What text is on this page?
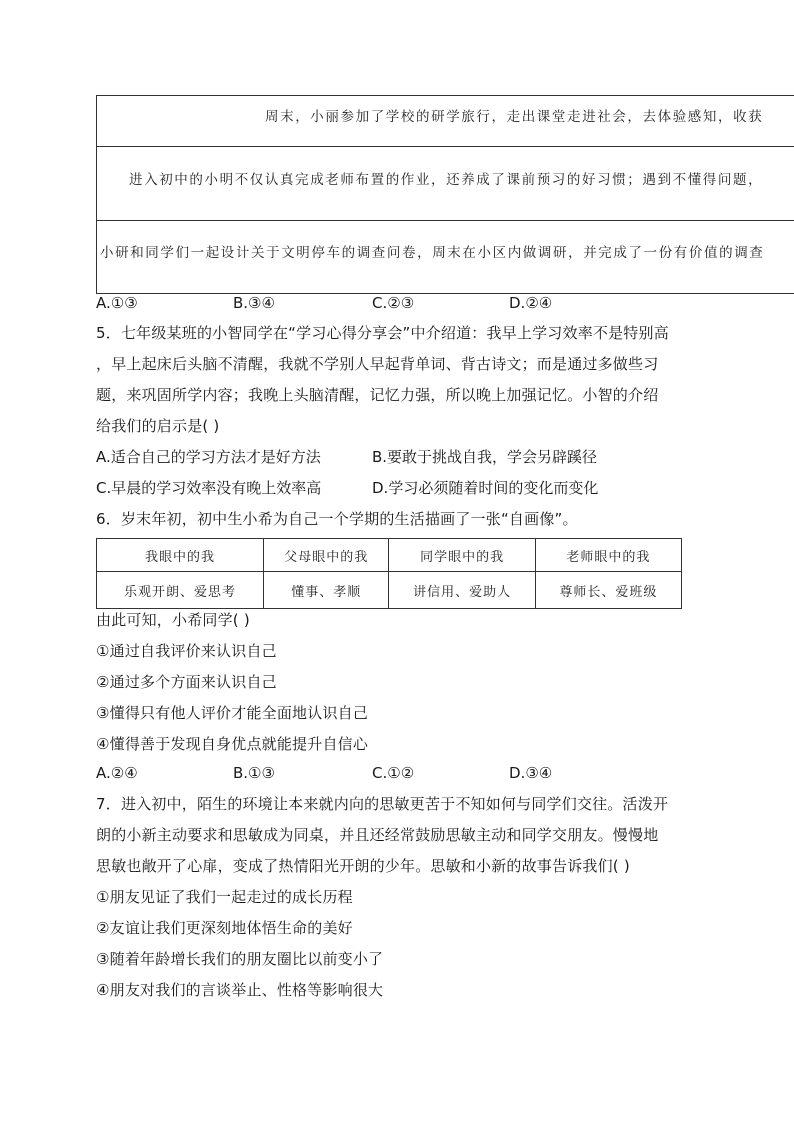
周末，小丽参加了学校的研学旅行，走出课堂走进社会，去体验感知，收获
进入初中的小明不仅认真完成老师布置的作业，还养成了课前预习的好习惯；遇到不懂得问题，
小研和同学们一起设计关于文明停车的调查问卷，周末在小区内做调研，并完成了一份有价值的调查
A.①③	B.③④	C.②③	D.②④
5．七年级某班的小智同学在“学习心得分享会”中介绍道：我早上学习效率不是特别高
，早上起床后头脑不清醒，我就不学别人早起背单词、背古诗文；而是通过多做些习
题，来巩固所学内容；我晚上头脑清醒，记忆力强，所以晚上加强记忆。小智的介绍
给我们的启示是( )
A.适合自己的学习方法才是好方法	B.要敢于挑战自我，学会另辟蹊径
C.早晨的学习效率没有晚上效率高	D.学习必须随着时间的变化而变化
6．岁末年初，初中生小希为自己一个学期的生活描画了一张“自画像”。
我眼中的我	父母眼中的我	同学眼中的我	老师眼中的我
乐观开朗、爱思考	懂事、孝顺	讲信用、爱助人	尊师长、爱班级
由此可知，小希同学( )
①通过自我评价来认识自己
②通过多个方面来认识自己
③懂得只有他人评价才能全面地认识自己
④懂得善于发现自身优点就能提升自信心
A.②④	B.①③	C.①②	D.③④
7．进入初中，陌生的环境让本来就内向的思敏更苦于不知如何与同学们交往。活泼开
朗的小新主动要求和思敏成为同桌，并且还经常鼓励思敏主动和同学交朋友。慢慢地
思敏也敞开了心扉，变成了热情阳光开朗的少年。思敏和小新的故事告诉我们( )
①朋友见证了我们一起走过的成长历程
②友谊让我们更深刻地体悟生命的美好
③随着年龄增长我们的朋友圈比以前变小了
④朋友对我们的言谈举止、性格等影响很大
